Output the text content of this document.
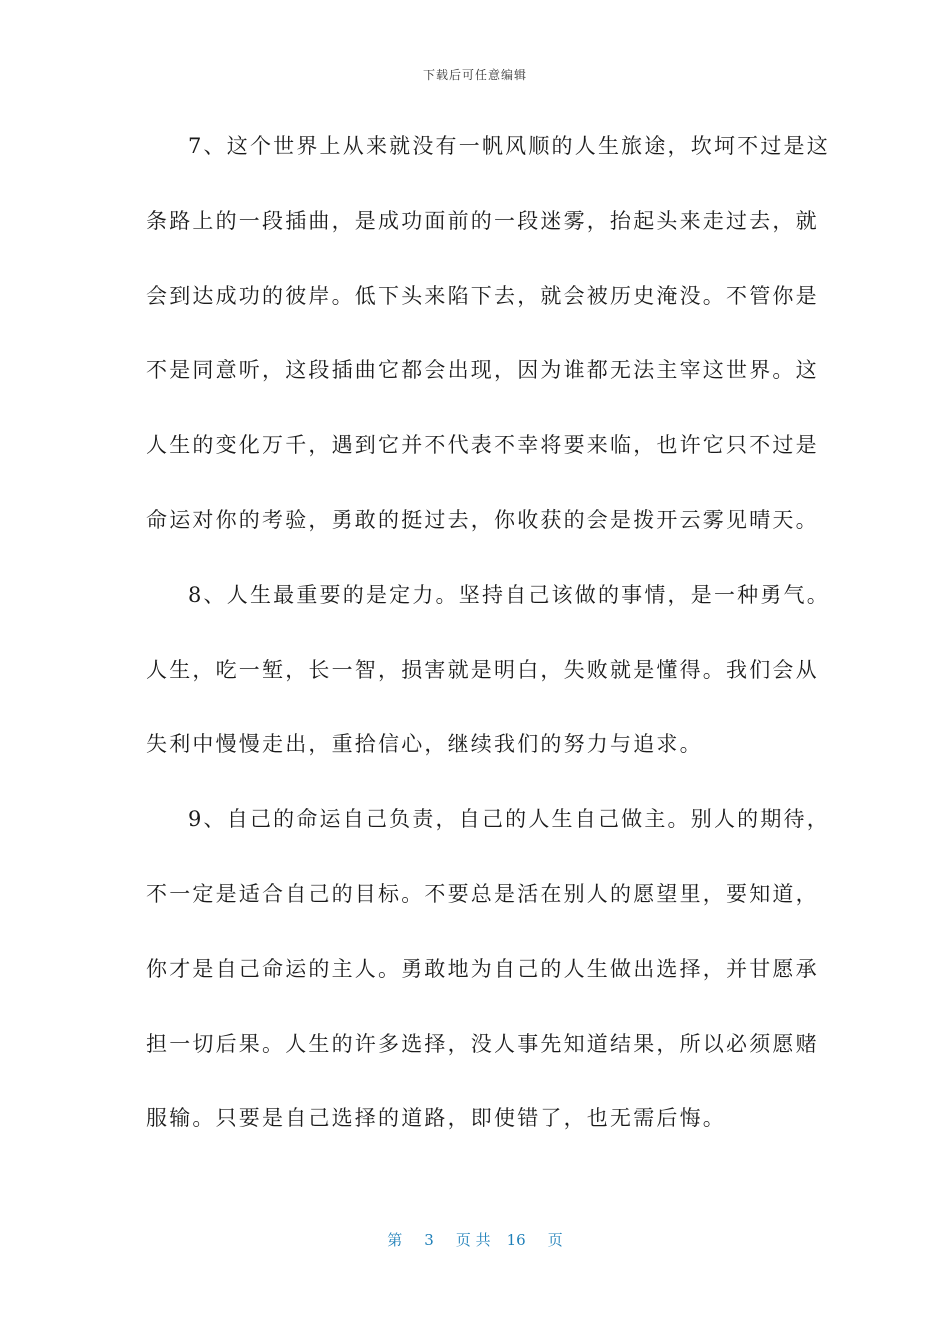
下载后可任意编辑
7、这个世界上从来就没有一帆风顺的人生旅途，坎坷不过是这
条路上的一段插曲，是成功面前的一段迷雾，抬起头来走过去，就
会到达成功的彼岸。低下头来陷下去，就会被历史淹没。不管你是
不是同意听，这段插曲它都会出现，因为谁都无法主宰这世界。这
人生的变化万千，遇到它并不代表不幸将要来临，也许它只不过是
命运对你的考验，勇敢的挺过去，你收获的会是拨开云雾见晴天。
8、人生最重要的是定力。坚持自己该做的事情，是一种勇气。
人生，吃一堑，长一智，损害就是明白，失败就是懂得。我们会从
失利中慢慢走出，重拾信心，继续我们的努力与追求。
9、自己的命运自己负责，自己的人生自己做主。别人的期待，
不一定是适合自己的目标。不要总是活在别人的愿望里，要知道，
你才是自己命运的主人。勇敢地为自己的人生做出选择，并甘愿承
担一切后果。人生的许多选择，没人事先知道结果，所以必须愿赌
服输。只要是自己选择的道路，即使错了，也无需后悔。
第 3 页 共 16 页
